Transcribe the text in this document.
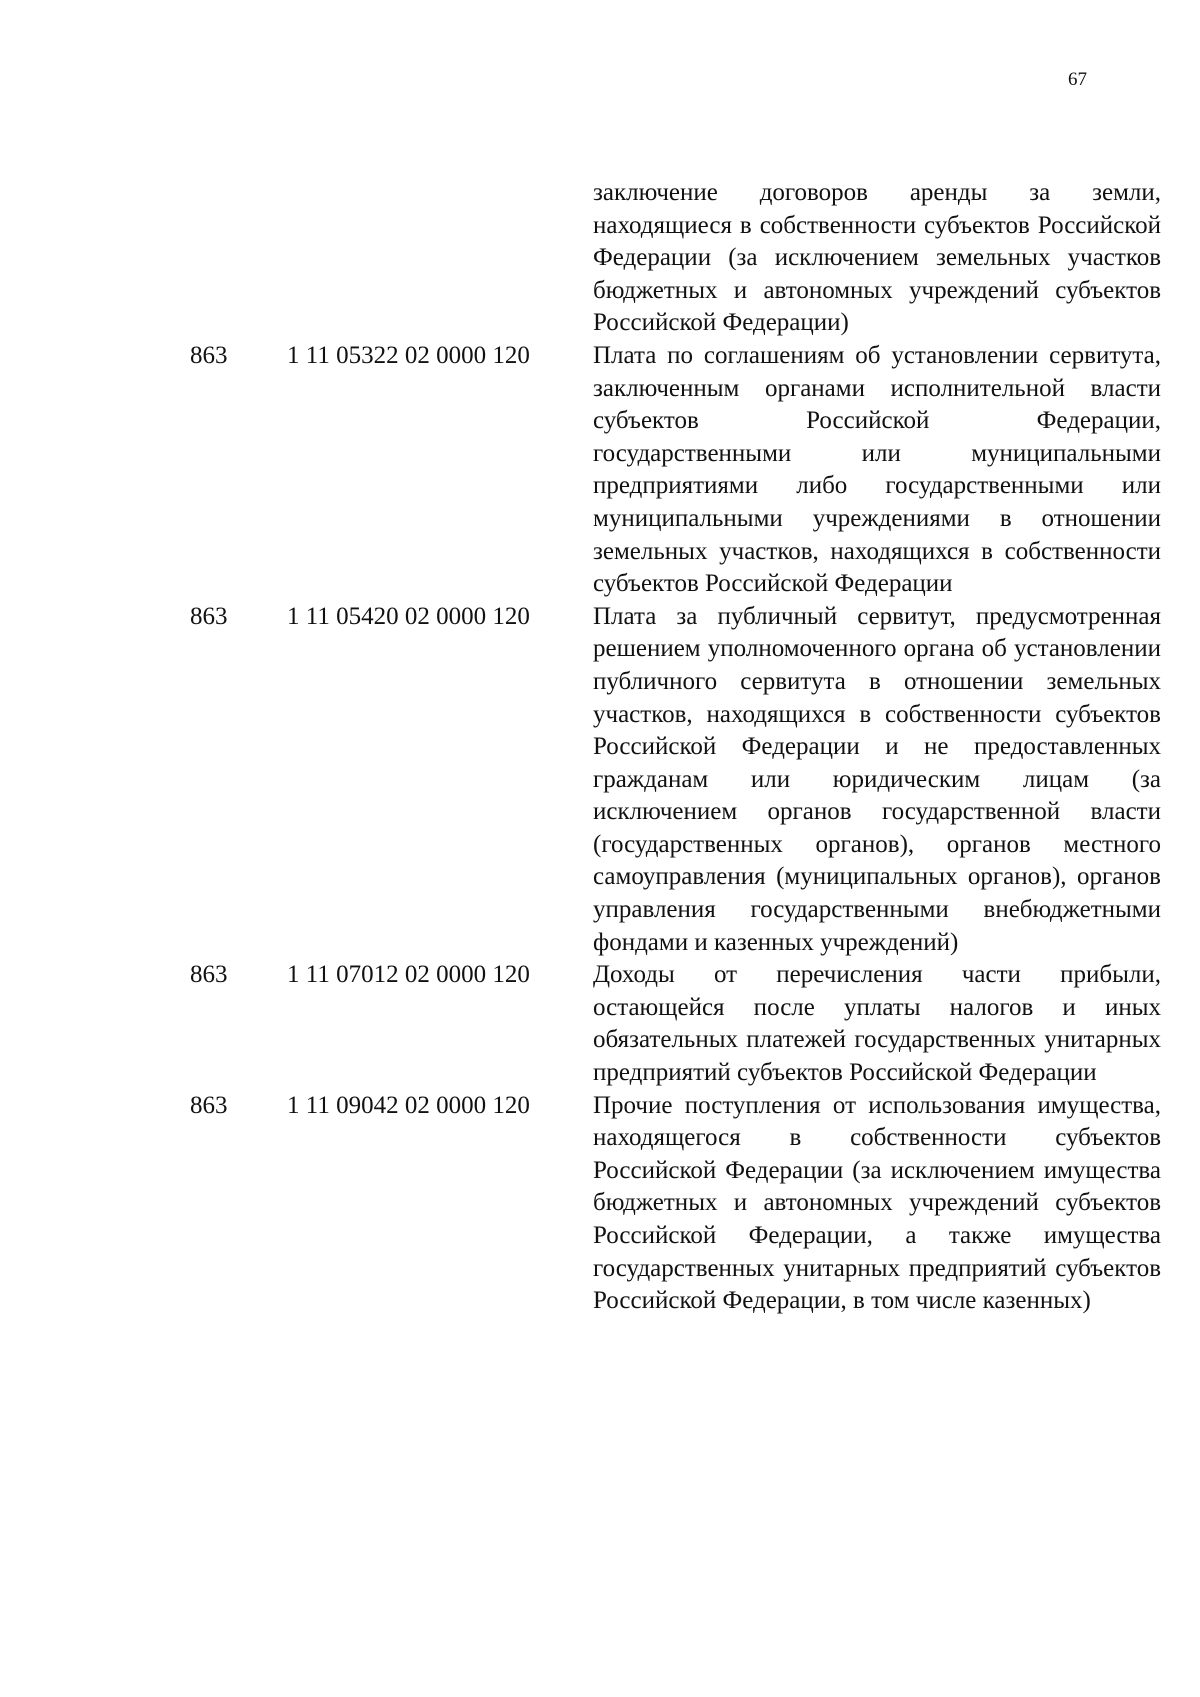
67
заключение договоров аренды за земли, находящиеся в собственности субъектов Российской Федерации (за исключением земельных участков бюджетных и автономных учреждений субъектов Российской Федерации)
863	1 11 05322 02 0000 120	Плата по соглашениям об установлении сервитута, заключенным органами исполнительной власти субъектов Российской Федерации, государственными или муниципальными предприятиями либо государственными или муниципальными учреждениями в отношении земельных участков, находящихся в собственности субъектов Российской Федерации
863	1 11 05420 02 0000 120	Плата за публичный сервитут, предусмотренная решением уполномоченного органа об установлении публичного сервитута в отношении земельных участков, находящихся в собственности субъектов Российской Федерации и не предоставленных гражданам или юридическим лицам (за исключением органов государственной власти (государственных органов), органов местного самоуправления (муниципальных органов), органов управления государственными внебюджетными фондами и казенных учреждений)
863	1 11 07012 02 0000 120	Доходы от перечисления части прибыли, остающейся после уплаты налогов и иных обязательных платежей государственных унитарных предприятий субъектов Российской Федерации
863	1 11 09042 02 0000 120	Прочие поступления от использования имущества, находящегося в собственности субъектов Российской Федерации (за исключением имущества бюджетных и автономных учреждений субъектов Российской Федерации, а также имущества государственных унитарных предприятий субъектов Российской Федерации, в том числе казенных)
